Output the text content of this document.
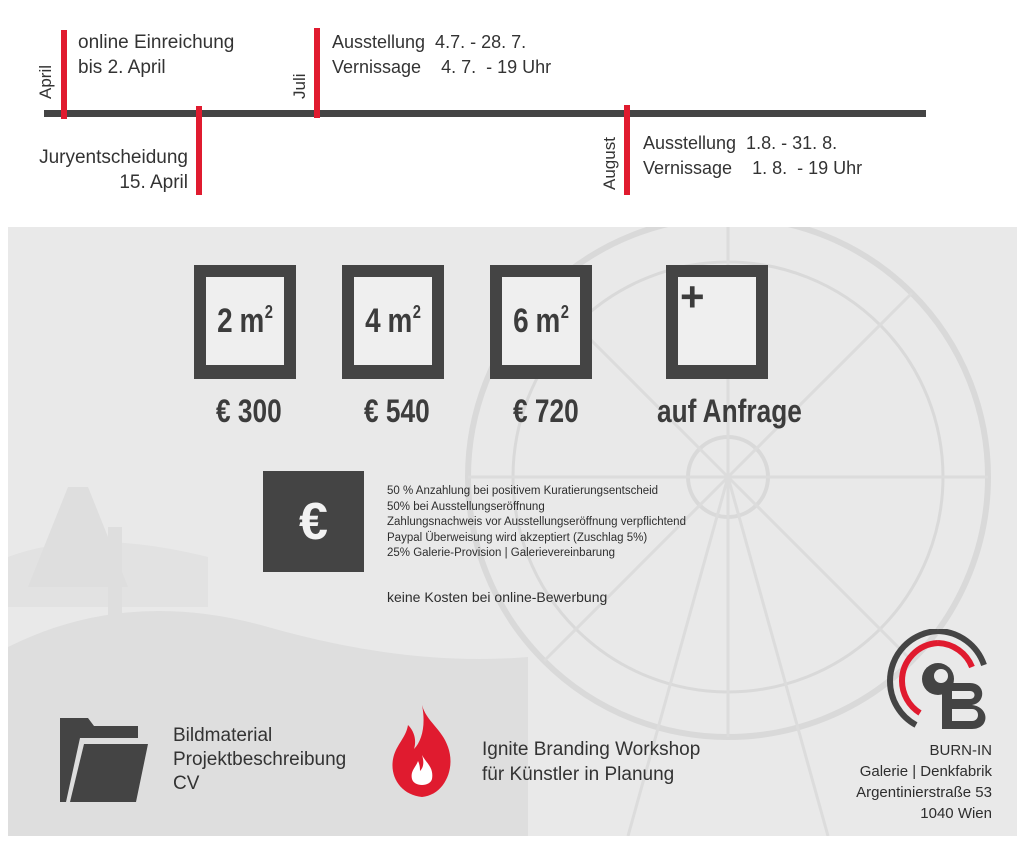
April
online Einreichung
bis 2. April
Juryentscheidung
15. April
Juli
Ausstellung  4.7. - 28. 7.
Vernissage    4. 7.  - 19 Uhr
August Ausstellung  1.8. - 31. 8.
Vernissage    1. 8.  - 19 Uhr
2 $m^2$	4 $m^2$	6 $m^2$	+
€ 300	€ 540	€ 720 auf Anfrage
€
50 % Anzahlung bei positivem Kuratierungsentscheid
50% bei Ausstellungseröffnung
Zahlungsnachweis vor Ausstellungseröffnung verpflichtend
Paypal Überweisung wird akzeptiert (Zuschlag 5%)
25% Galerie-Provision | Galerievereinbarung
keine Kosten bei online-Bewerbung
Bildmaterial
Projektbeschreibung
CV
Ignite Branding Workshop
für Künstler in Planung
BURN-IN
Galerie | Denkfabrik
Argentinierstraße 53
1040 Wien
